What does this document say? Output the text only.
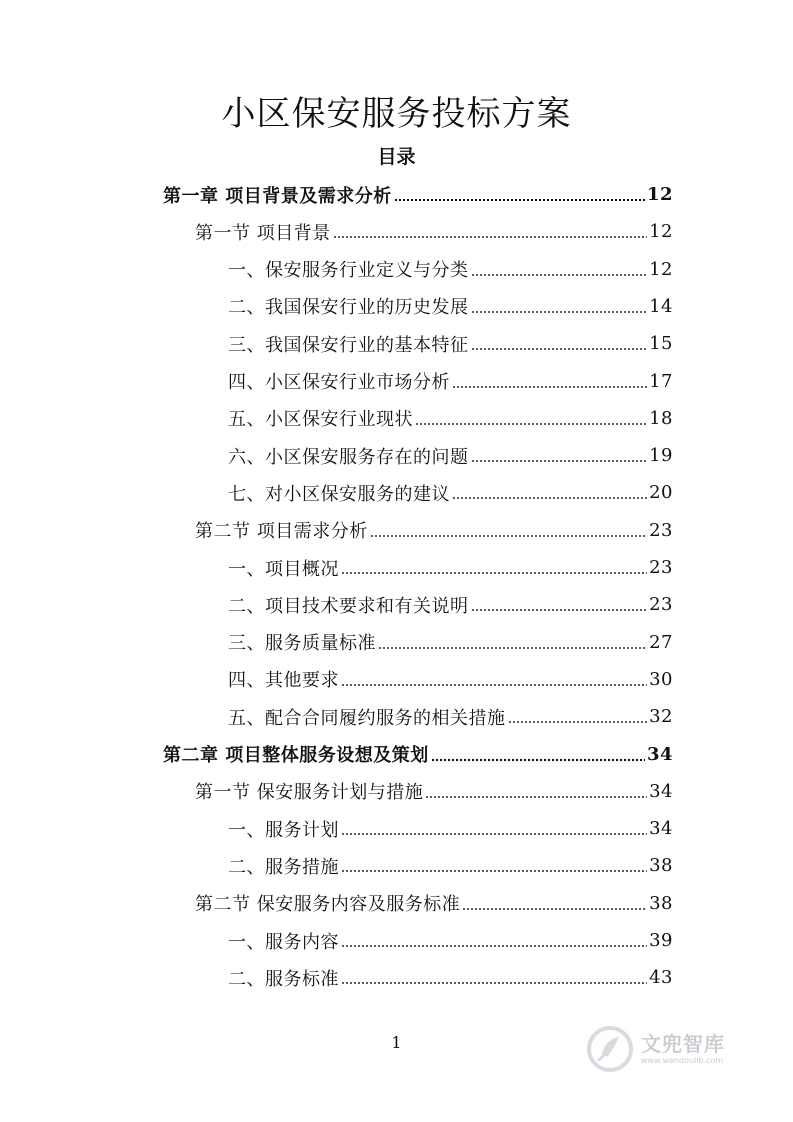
小区保安服务投标方案
目录
第一章 项目背景及需求分析	12
第一节 项目背景	12
一、保安服务行业定义与分类	12
二、我国保安行业的历史发展	14
三、我国保安行业的基本特征	15
四、小区保安行业市场分析	17
五、小区保安行业现状	18
六、小区保安服务存在的问题	19
七、对小区保安服务的建议	20
第二节 项目需求分析	23
一、项目概况	23
二、项目技术要求和有关说明	23
三、服务质量标准	27
四、其他要求	30
五、配合合同履约服务的相关措施	32
第二章 项目整体服务设想及策划	34
第一节 保安服务计划与措施	34
一、服务计划	34
二、服务措施	38
第二节 保安服务内容及服务标准	38
一、服务内容	39
二、服务标准	43
1	文兜智库
www.wendoulib.com
